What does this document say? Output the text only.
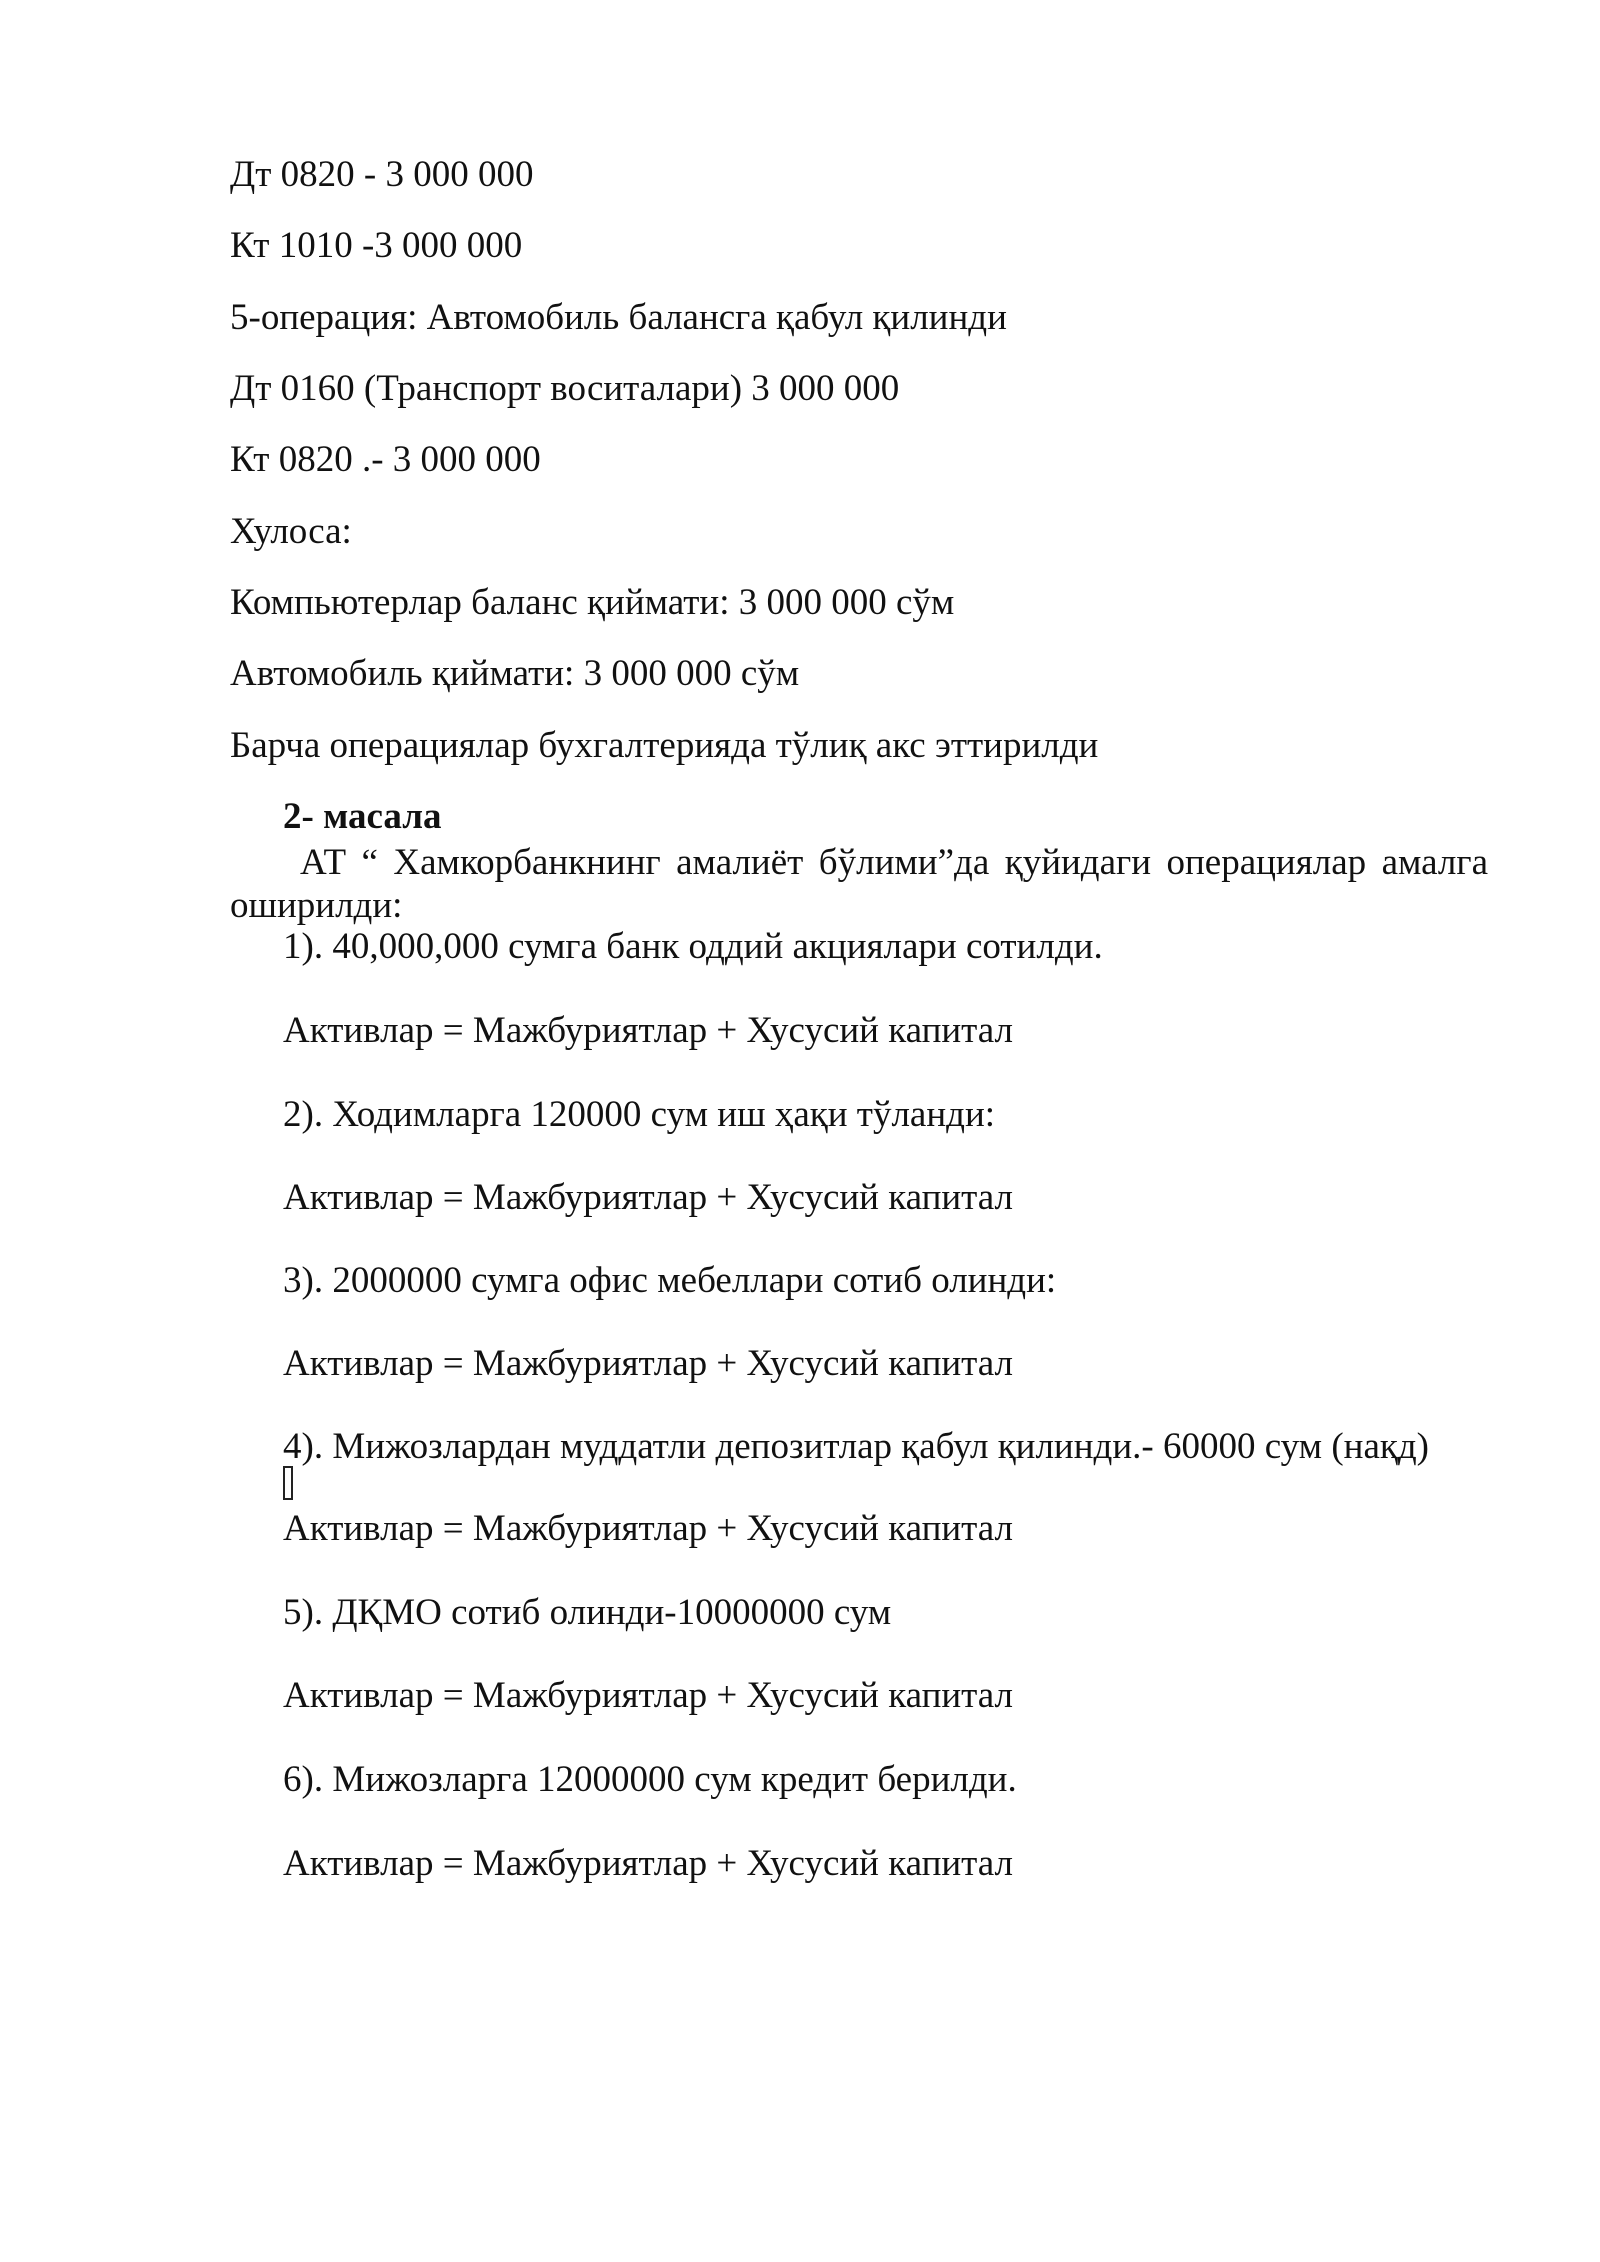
Дт 0820 - 3 000 000
Кт 1010 -3 000 000
5-операция: Автомобиль балансга қабул қилинди
Дт 0160 (Транспорт воситалари) 3 000 000
Кт 0820 .- 3 000 000
Хулоса:
Компьютерлар баланс қиймати: 3 000 000 сўм
Автомобиль қиймати: 3 000 000 сўм
Барча операциялар бухгалтерияда тўлиқ акс эттирилди
2- масала
АТ “ Хамкорбанкнинг амалиёт бўлими”да қуйидаги операциялар амалга оширилди:
1). 40,000,000 сумга банк оддий акциялари сотилди.
Активлар = Мажбуриятлар + Хусусий капитал
2). Ходимларга 120000 сум иш ҳақи тўланди:
Активлар = Мажбуриятлар + Хусусий капитал
3). 2000000 сумга офис мебеллари сотиб олинди:
Активлар = Мажбуриятлар + Хусусий капитал
4). Мижозлардан муддатли депозитлар қабул қилинди.- 60000 сум (нақд)
Активлар = Мажбуриятлар + Хусусий капитал
5). ДҚМО сотиб олинди-10000000 сум
Активлар = Мажбуриятлар + Хусусий капитал
6). Мижозларга 12000000 сум кредит берилди.
Активлар = Мажбуриятлар + Хусусий капитал
